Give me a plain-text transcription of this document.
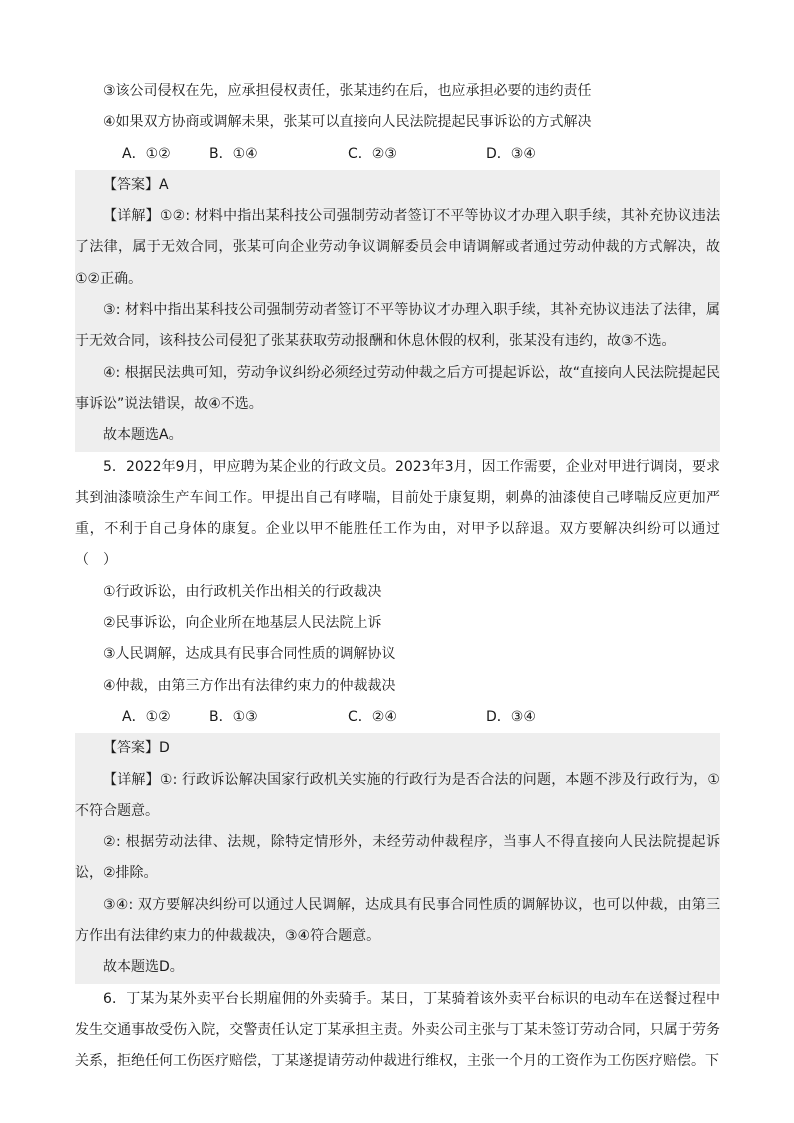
③该公司侵权在先，应承担侵权责任，张某违约在后，也应承担必要的违约责任
④如果双方协商或调解未果，张某可以直接向人民法院提起民事诉讼的方式解决
A．①②	B．①④	C．②③	D．③④
【答案】A
【详解】①②: 材料中指出某科技公司强制劳动者签订不平等协议才办理入职手续，其补充协议违法了法律，属于无效合同，张某可向企业劳动争议调解委员会申请调解或者通过劳动仲裁的方式解决，故①②正确。
③: 材料中指出某科技公司强制劳动者签订不平等协议才办理入职手续，其补充协议违法了法律，属于无效合同，该科技公司侵犯了张某获取劳动报酬和休息休假的权利，张某没有违约，故③不选。
④: 根据民法典可知，劳动争议纠纷必须经过劳动仲裁之后方可提起诉讼，故“直接向人民法院提起民事诉讼”说法错误，故④不选。
故本题选A。
5．2022年9月，甲应聘为某企业的行政文员。2023年3月，因工作需要，企业对甲进行调岗，要求其到油漆喷涂生产车间工作。甲提出自己有哮喘，目前处于康复期，刺鼻的油漆使自己哮喘反应更加严重，不利于自己身体的康复。企业以甲不能胜任工作为由，对甲予以辞退。双方要解决纠纷可以通过（　）
①行政诉讼，由行政机关作出相关的行政裁决
②民事诉讼，向企业所在地基层人民法院上诉
③人民调解，达成具有民事合同性质的调解协议
④仲裁，由第三方作出有法律约束力的仲裁裁决
A．①②	B．①③	C．②④	D．③④
【答案】D
【详解】①: 行政诉讼解决国家行政机关实施的行政行为是否合法的问题，本题不涉及行政行为，①不符合题意。
②: 根据劳动法律、法规，除特定情形外，未经劳动仲裁程序，当事人不得直接向人民法院提起诉讼，②排除。
③④: 双方要解决纠纷可以通过人民调解，达成具有民事合同性质的调解协议，也可以仲裁，由第三方作出有法律约束力的仲裁裁决，③④符合题意。
故本题选D。
6．丁某为某外卖平台长期雇佣的外卖骑手。某日，丁某骑着该外卖平台标识的电动车在送餐过程中发生交通事故受伤入院，交警责任认定丁某承担主责。外卖公司主张与丁某未签订劳动合同，只属于劳务关系，拒绝任何工伤医疗赔偿，丁某遂提请劳动仲裁进行维权，主张一个月的工资作为工伤医疗赔偿。下
